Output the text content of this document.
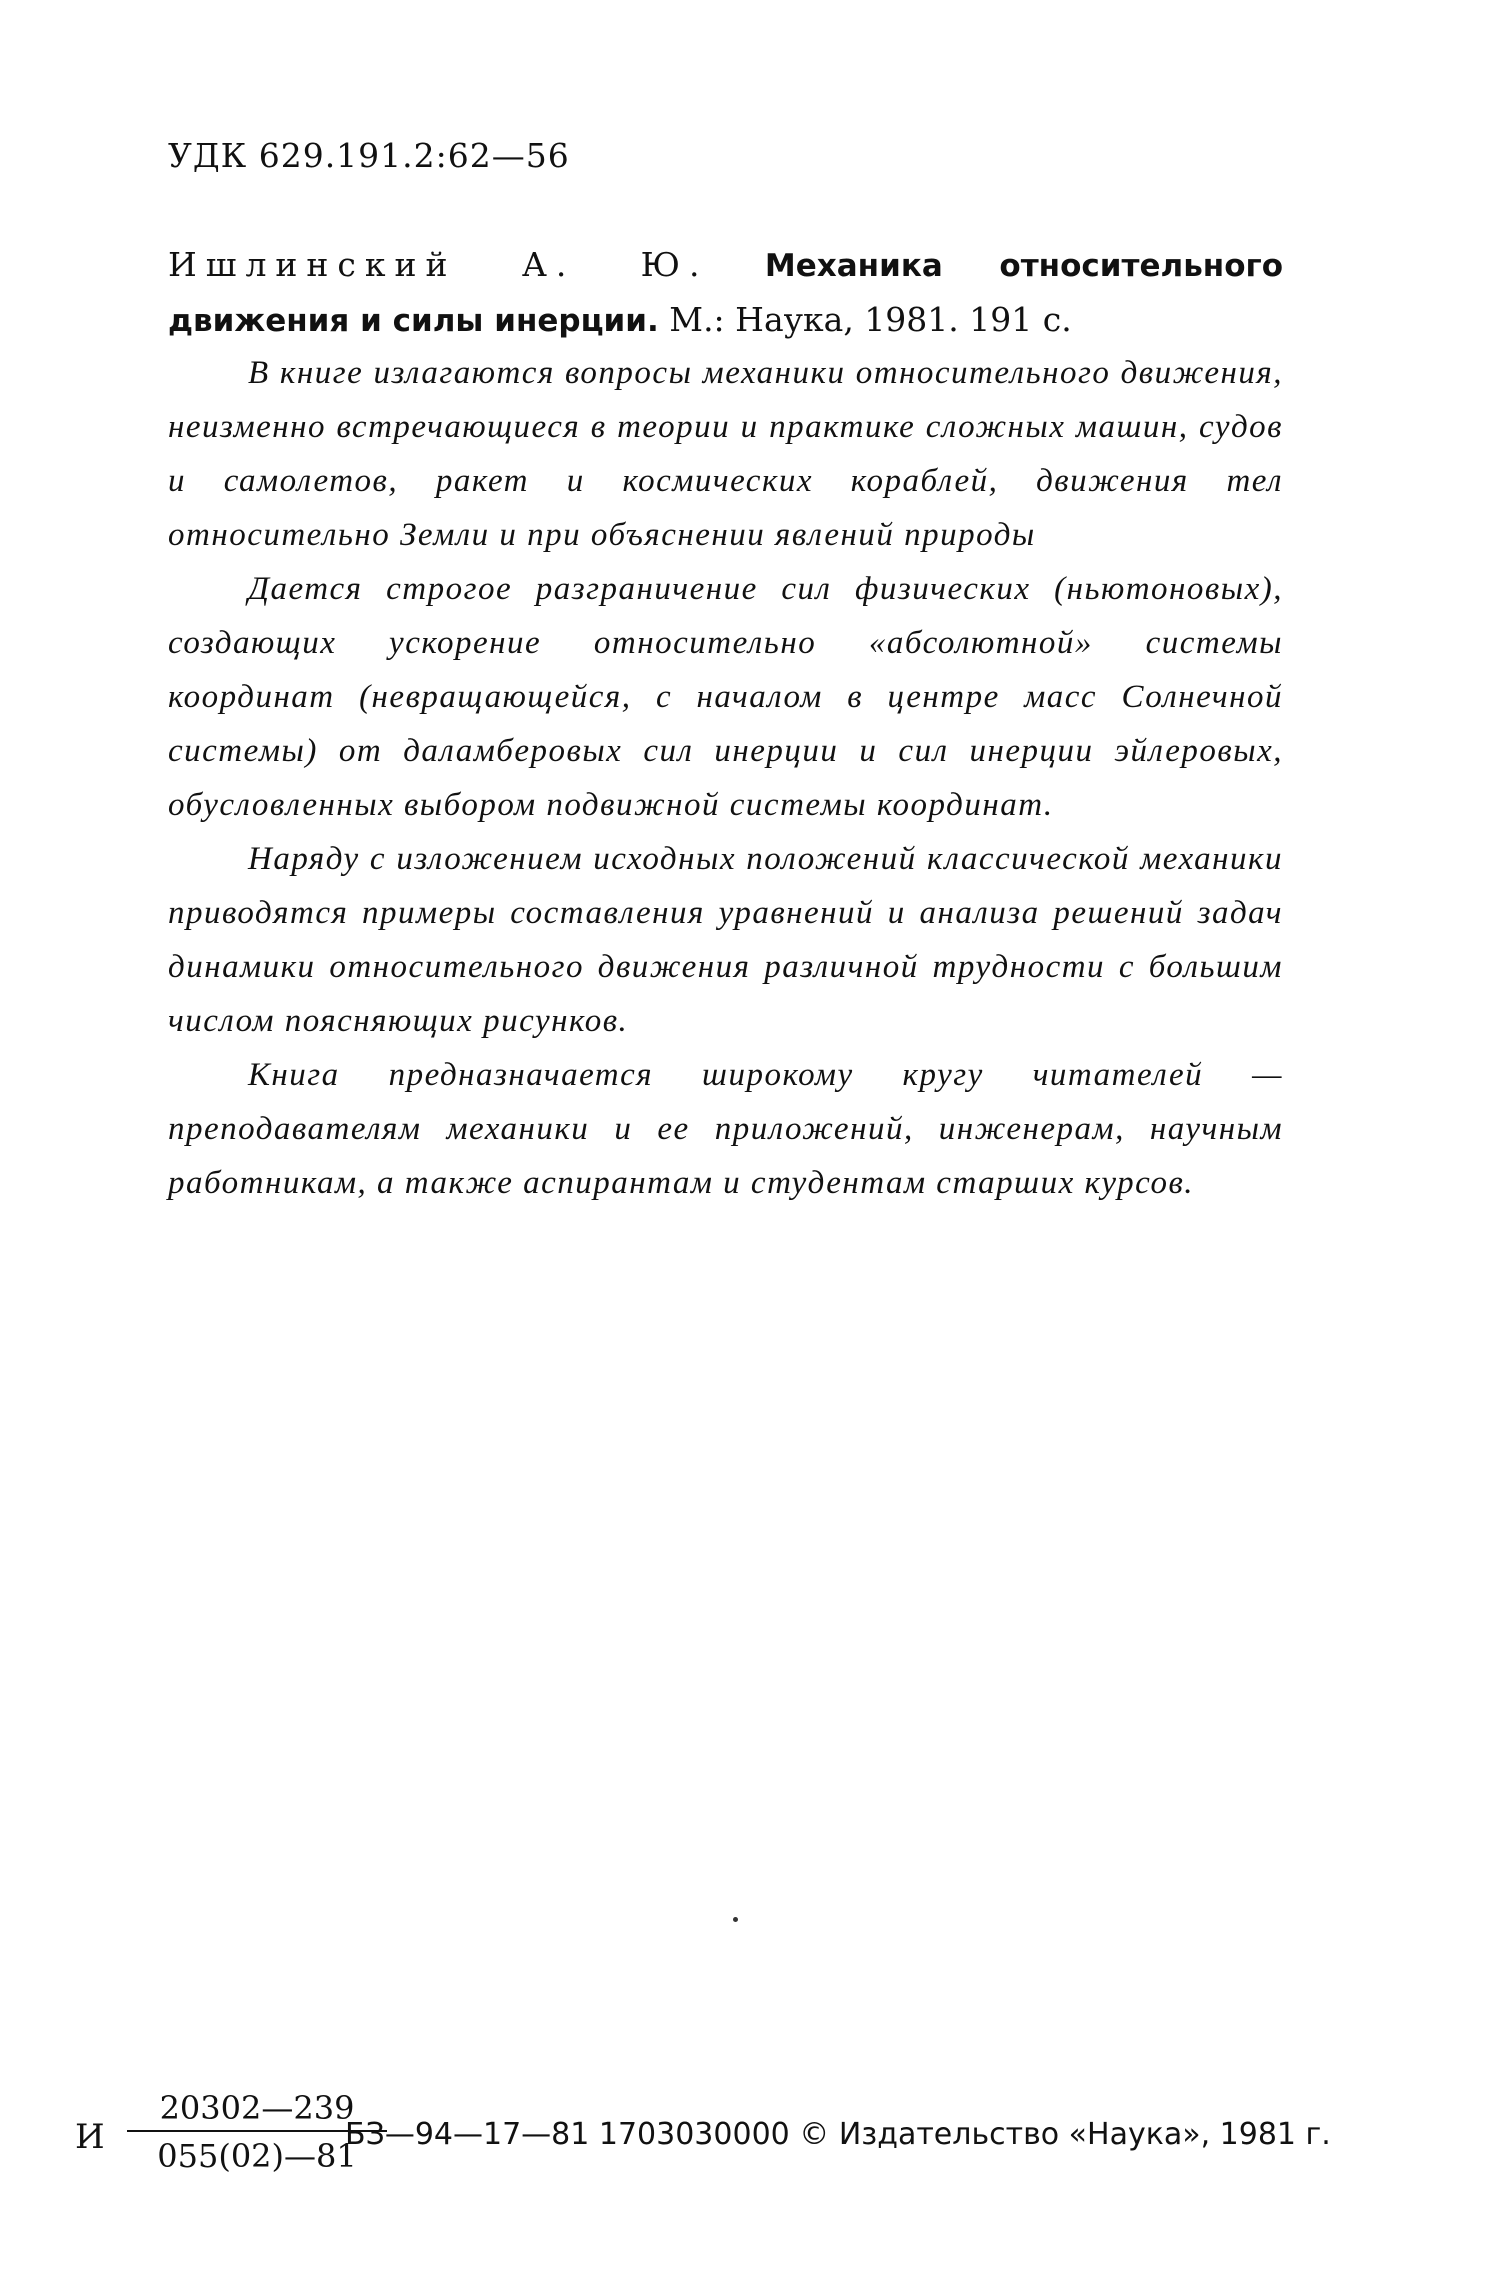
УДК 629.191.2:62—56
Ишлинский А. Ю. Механика относительного движения и силы инерции. М.: Наука, 1981. 191 с.

В книге излагаются вопросы механики относительного движения, неизменно встречающиеся в теории и практике сложных машин, судов и самолетов, ракет и космических кораблей, движения тел относительно Земли и при объяснении явлений природы

Дается строгое разграничение сил физических (ньютоновых), создающих ускорение относительно «абсолютной» системы координат (невращающейся, с началом в центре масс Солнечной системы) от даламберовых сил инерции и сил инерции эйлеровых, обусловленных выбором подвижной системы координат.

Наряду с изложением исходных положений классической механики приводятся примеры составления уравнений и анализа решений задач динамики относительного движения различной трудности с большим числом поясняющих рисунков.

Книга предназначается широкому кругу читателей — преподавателям механики и ее приложений, инженерам, научным работникам, а также аспирантам и студентам старших курсов.

И
20302—239
055(02)—81
БЗ—94—17—81 1703030000 © Издательство «Наука», 1981 г.
